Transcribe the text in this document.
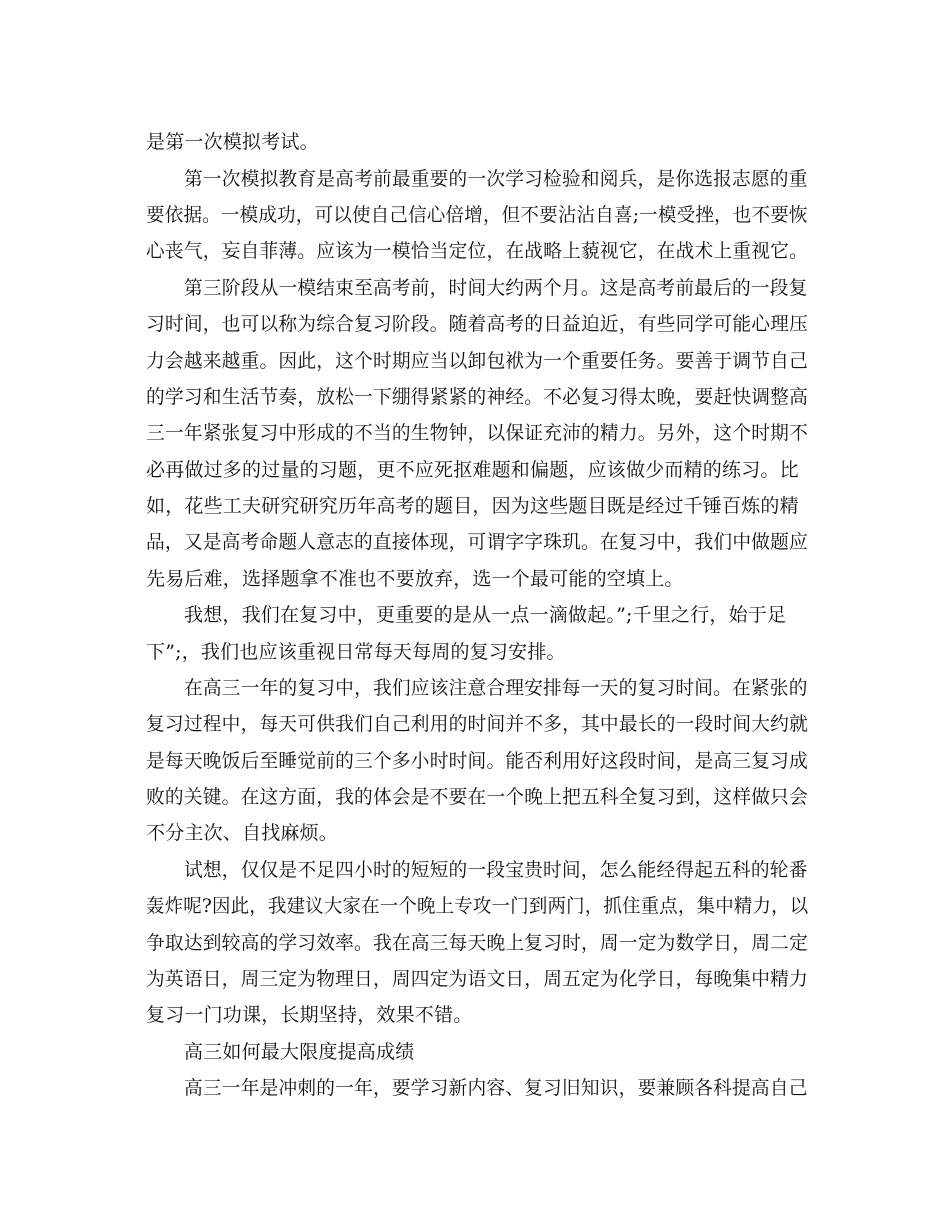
是第一次模拟考试。
第一次模拟教育是高考前最重要的一次学习检验和阅兵，是你选报志愿的重
要依据。一模成功，可以使自己信心倍增，但不要沾沾自喜;一模受挫，也不要恢
心丧气，妄自菲薄。应该为一模恰当定位，在战略上藐视它，在战术上重视它。
第三阶段从一模结束至高考前，时间大约两个月。这是高考前最后的一段复
习时间，也可以称为综合复习阶段。随着高考的日益迫近，有些同学可能心理压
力会越来越重。因此，这个时期应当以卸包袱为一个重要任务。要善于调节自己
的学习和生活节奏，放松一下绷得紧紧的神经。不必复习得太晚，要赶快调整高
三一年紧张复习中形成的不当的生物钟，以保证充沛的精力。另外，这个时期不
必再做过多的过量的习题，更不应死抠难题和偏题，应该做少而精的练习。比
如，花些工夫研究研究历年高考的题目，因为这些题目既是经过千锤百炼的精
品，又是高考命题人意志的直接体现，可谓字字珠玑。在复习中，我们中做题应
先易后难，选择题拿不准也不要放弃，选一个最可能的空填上。
我想，我们在复习中，更重要的是从一点一滴做起。”;千里之行，始于足
下”;，我们也应该重视日常每天每周的复习安排。
在高三一年的复习中，我们应该注意合理安排每一天的复习时间。在紧张的
复习过程中，每天可供我们自己利用的时间并不多，其中最长的一段时间大约就
是每天晚饭后至睡觉前的三个多小时时间。能否利用好这段时间，是高三复习成
败的关键。在这方面，我的体会是不要在一个晚上把五科全复习到，这样做只会
不分主次、自找麻烦。
试想，仅仅是不足四小时的短短的一段宝贵时间，怎么能经得起五科的轮番
轰炸呢?因此，我建议大家在一个晚上专攻一门到两门，抓住重点，集中精力，以
争取达到较高的学习效率。我在高三每天晚上复习时，周一定为数学日，周二定
为英语日，周三定为物理日，周四定为语文日，周五定为化学日，每晚集中精力
复习一门功课，长期坚持，效果不错。
高三如何最大限度提高成绩
高三一年是冲刺的一年，要学习新内容、复习旧知识，要兼顾各科提高自己
